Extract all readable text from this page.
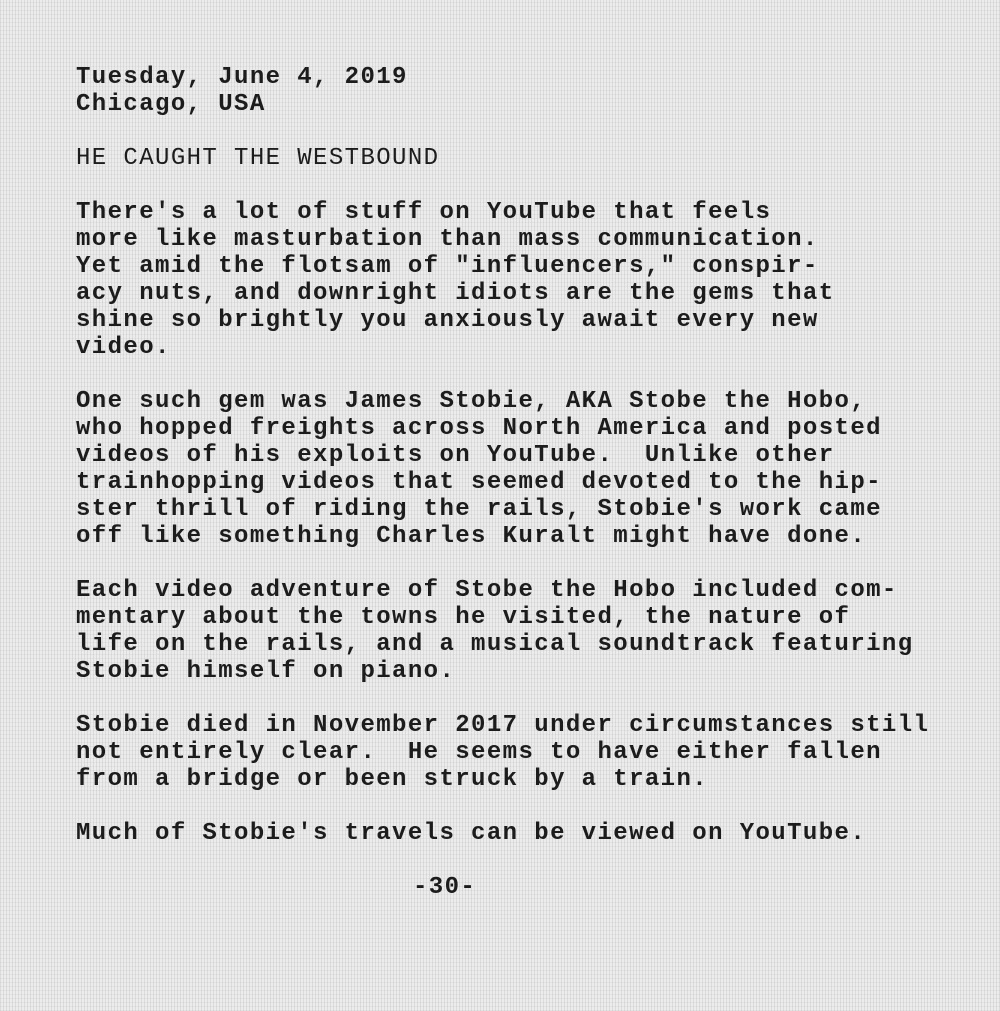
Tuesday, June 4, 2019
Chicago, USA
HE CAUGHT THE WESTBOUND
There's a lot of stuff on YouTube that feels
more like masturbation than mass communication.
Yet amid the flotsam of "influencers," conspir-
acy nuts, and downright idiots are the gems that
shine so brightly you anxiously await every new
video.
One such gem was James Stobie, AKA Stobe the Hobo,
who hopped freights across North America and posted
videos of his exploits on YouTube.  Unlike other
trainhopping videos that seemed devoted to the hip-
ster thrill of riding the rails, Stobie's work came
off like something Charles Kuralt might have done.
Each video adventure of Stobe the Hobo included com-
mentary about the towns he visited, the nature of
life on the rails, and a musical soundtrack featuring
Stobie himself on piano.
Stobie died in November 2017 under circumstances still
not entirely clear.  He seems to have either fallen
from a bridge or been struck by a train.
Much of Stobie's travels can be viewed on YouTube.
-30-
